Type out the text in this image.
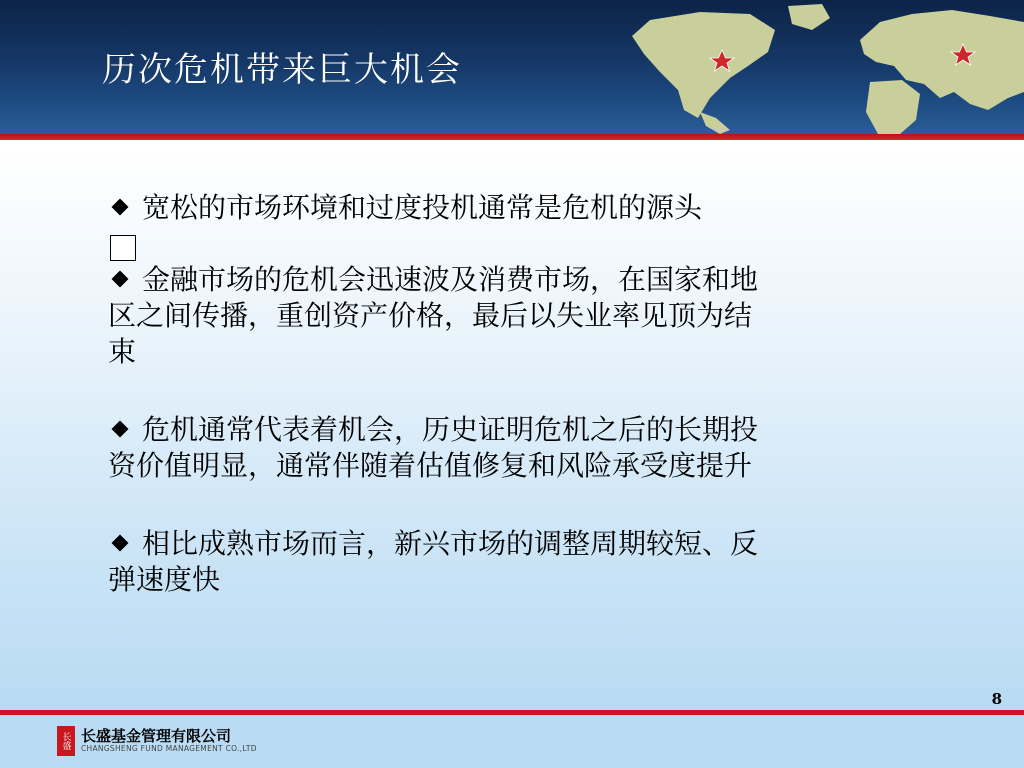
历次危机带来巨大机会
宽松的市场环境和过度投机通常是危机的源头
金融市场的危机会迅速波及消费市场，在国家和地
区之间传播，重创资产价格，最后以失业率见顶为结
束
危机通常代表着机会，历史证明危机之后的长期投
资价值明显，通常伴随着估值修复和风险承受度提升
相比成熟市场而言，新兴市场的调整周期较短、反
弹速度快
8
长盛 长盛基金管理有限公司
CHANGSHENG FUND MANAGEMENT CO.,LTD
